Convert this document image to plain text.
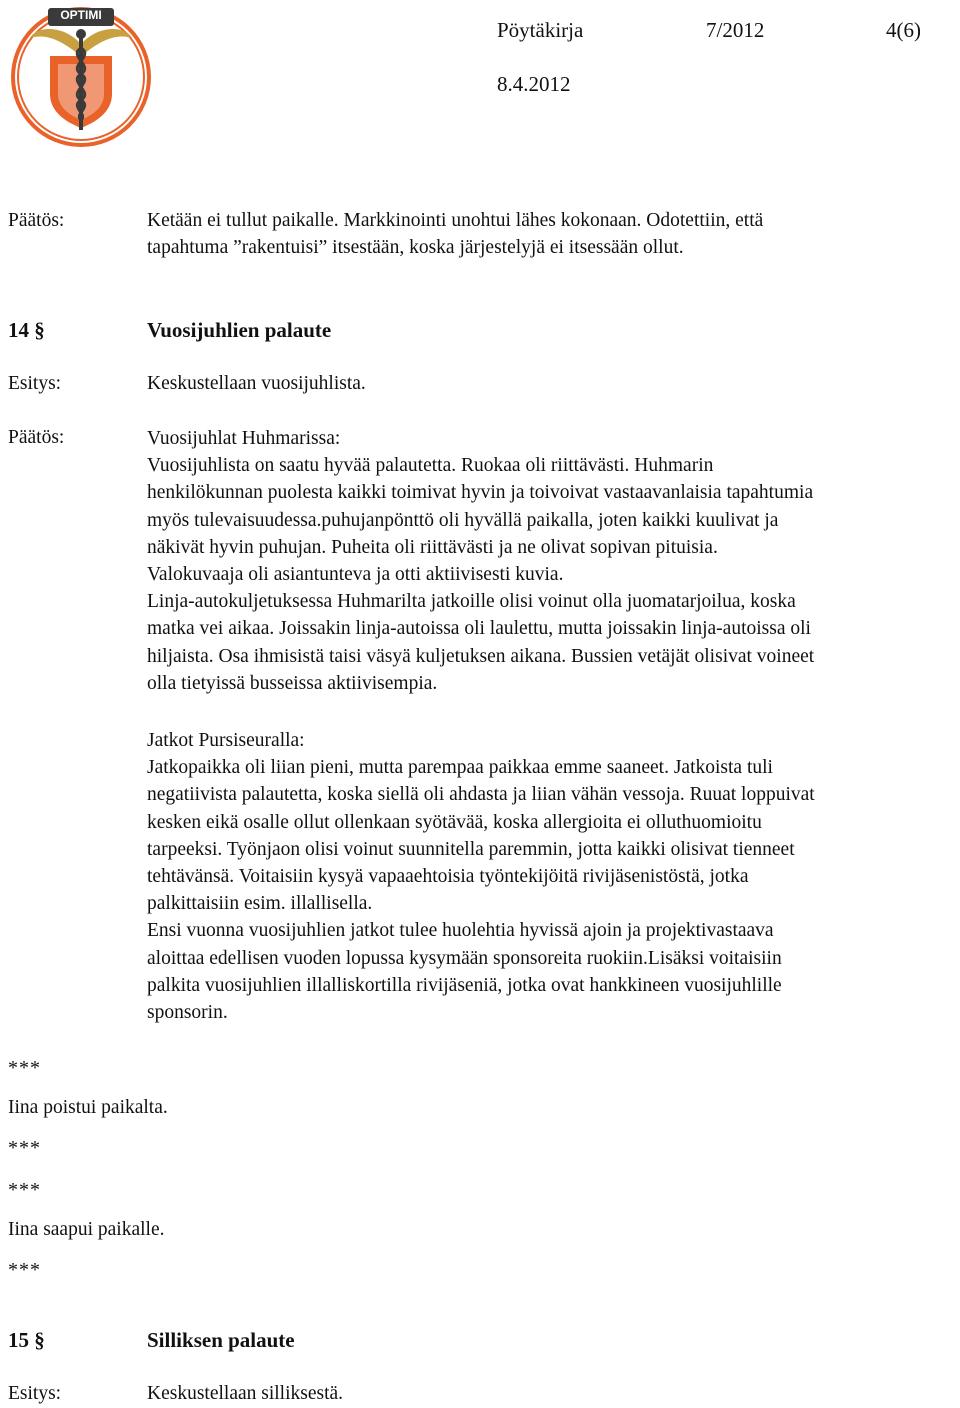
OPTIMI
Pöytäkirja	7/2012	4(6)
8.4.2012
Päätös:	Ketään ei tullut paikalle. Markkinointi unohtui lähes kokonaan. Odotettiin, että
tapahtuma ”rakentuisi” itsestään, koska järjestelyjä ei itsessään ollut.
14 §	Vuosijuhlien palaute
Esitys:	Keskustellaan vuosijuhlista.
Päätös:	Vuosijuhlat Huhmarissa:
Vuosijuhlista on saatu hyvää palautetta. Ruokaa oli riittävästi. Huhmarin
henkilökunnan puolesta kaikki toimivat hyvin ja toivoivat vastaavanlaisia tapahtumia
myös tulevaisuudessa.puhujanpönttö oli hyvällä paikalla, joten kaikki kuulivat ja
näkivät hyvin puhujan. Puheita oli riittävästi ja ne olivat sopivan pituisia.
Valokuvaaja oli asiantunteva ja otti aktiivisesti kuvia.
Linja-autokuljetuksessa Huhmarilta jatkoille olisi voinut olla juomatarjoilua, koska
matka vei aikaa. Joissakin linja-autoissa oli laulettu, mutta joissakin linja-autoissa oli
hiljaista. Osa ihmisistä taisi väsyä kuljetuksen aikana. Bussien vetäjät olisivat voineet
olla tietyissä busseissa aktiivisempia.
Jatkot Pursiseuralla:
Jatkopaikka oli liian pieni, mutta parempaa paikkaa emme saaneet. Jatkoista tuli
negatiivista palautetta, koska siellä oli ahdasta ja liian vähän vessoja. Ruuat loppuivat
kesken eikä osalle ollut ollenkaan syötävää, koska allergioita ei olluthuomioitu
tarpeeksi. Työnjaon olisi voinut suunnitella paremmin, jotta kaikki olisivat tienneet
tehtävänsä. Voitaisiin kysyä vapaaehtoisia työntekijöitä rivijäsenistöstä, jotka
palkittaisiin esim. illallisella.
Ensi vuonna vuosijuhlien jatkot tulee huolehtia hyvissä ajoin ja projektivastaava
aloittaa edellisen vuoden lopussa kysymään sponsoreita ruokiin.Lisäksi voitaisiin
palkita vuosijuhlien illalliskortilla rivijäseniä, jotka ovat hankkineen vuosijuhlille
sponsorin.
***
Iina poistui paikalta.
***
***
Iina saapui paikalle.
***
15 §	Silliksen palaute
Esitys:	Keskustellaan silliksestä.
